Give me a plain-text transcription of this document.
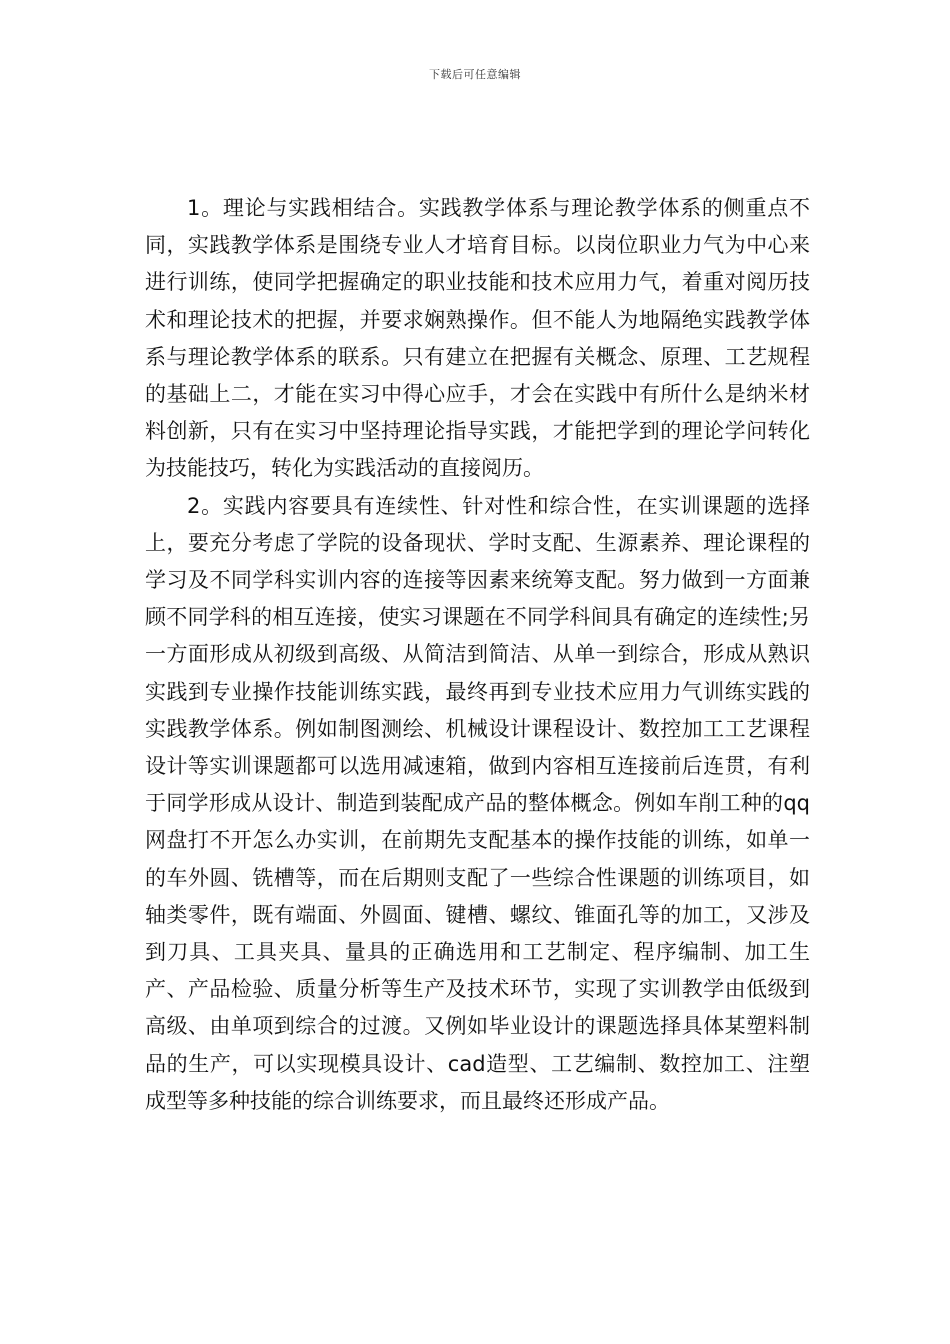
下载后可任意编辑

1。理论与实践相结合。实践教学体系与理论教学体系的侧重点不同，实践教学体系是围绕专业人才培育目标。以岗位职业力气为中心来进行训练，使同学把握确定的职业技能和技术应用力气，着重对阅历技术和理论技术的把握，并要求娴熟操作。但不能人为地隔绝实践教学体系与理论教学体系的联系。只有建立在把握有关概念、原理、工艺规程的基础上二，才能在实习中得心应手，才会在实践中有所什么是纳米材料创新，只有在实习中坚持理论指导实践，才能把学到的理论学问转化为技能技巧，转化为实践活动的直接阅历。

2。实践内容要具有连续性、针对性和综合性，在实训课题的选择上，要充分考虑了学院的设备现状、学时支配、生源素养、理论课程的学习及不同学科实训内容的连接等因素来统筹支配。努力做到一方面兼顾不同学科的相互连接，使实习课题在不同学科间具有确定的连续性;另一方面形成从初级到高级、从简洁到简洁、从单一到综合，形成从熟识实践到专业操作技能训练实践，最终再到专业技术应用力气训练实践的实践教学体系。例如制图测绘、机械设计课程设计、数控加工工艺课程设计等实训课题都可以选用减速箱，做到内容相互连接前后连贯，有利于同学形成从设计、制造到装配成产品的整体概念。例如车削工种的qq网盘打不开怎么办实训，在前期先支配基本的操作技能的训练，如单一的车外圆、铣槽等，而在后期则支配了一些综合性课题的训练项目，如轴类零件，既有端面、外圆面、键槽、螺纹、锥面孔等的加工，又涉及到刀具、工具夹具、量具的正确选用和工艺制定、程序编制、加工生产、产品检验、质量分析等生产及技术环节，实现了实训教学由低级到高级、由单项到综合的过渡。又例如毕业设计的课题选择具体某塑料制品的生产，可以实现模具设计、cad造型、工艺编制、数控加工、注塑成型等多种技能的综合训练要求，而且最终还形成产品。
